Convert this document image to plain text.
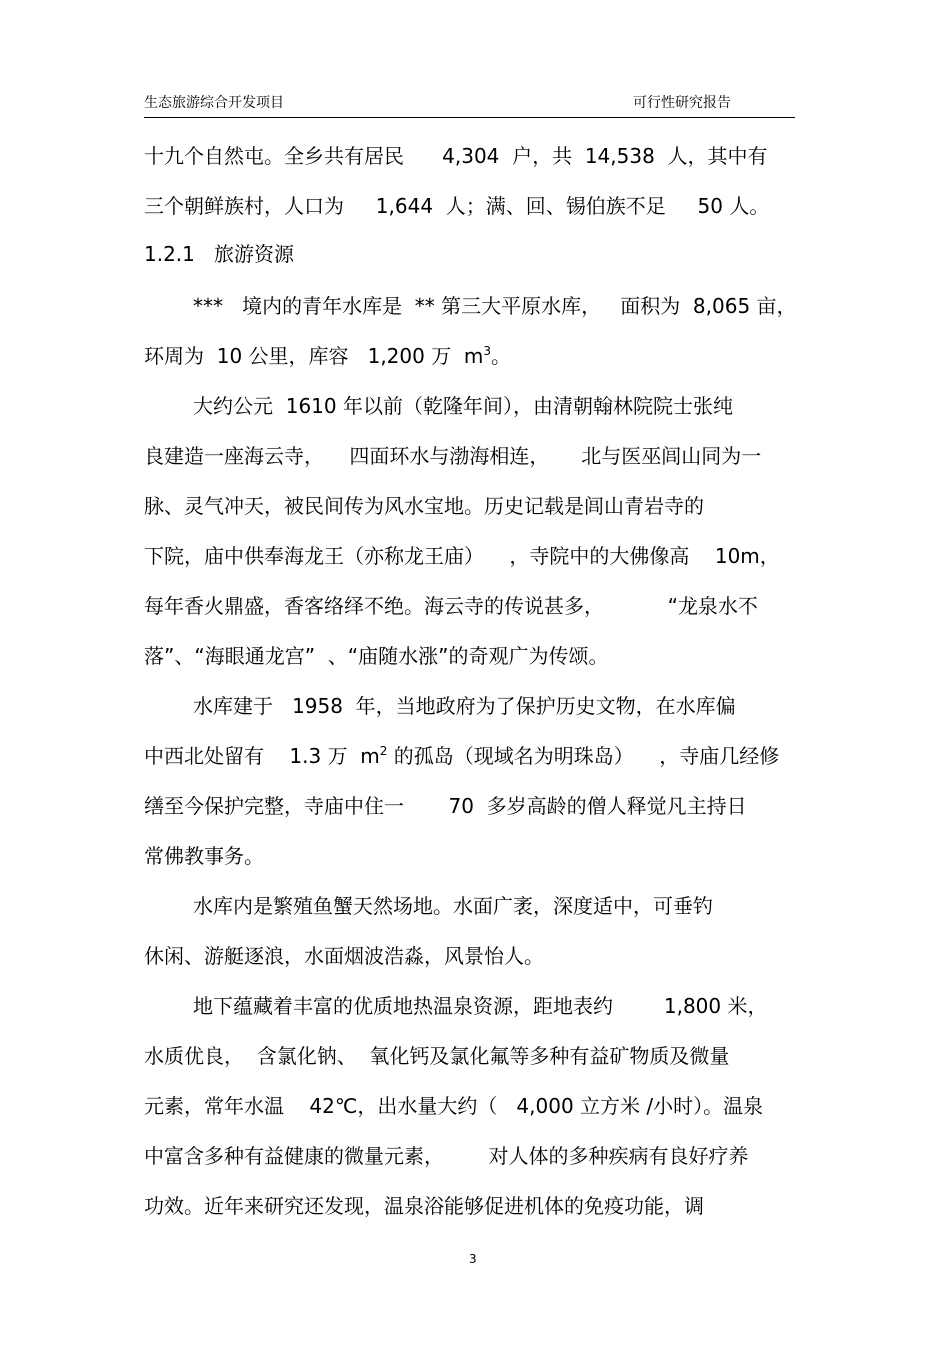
生态旅游综合开发项目	可行性研究报告
十九个自然屯。全乡共有居民      4,304  户，共  14,538  人，其中有
三个朝鲜族村，人口为     1,644  人；满、回、锡伯族不足     50 人。
1.2.1   旅游资源
***   境内的青年水库是  ** 第三大平原水库，   面积为  8,065 亩，
环周为  10 公里，库容   1,200 万  $m^3$。
大约公元  1610 年以前（乾隆年间），由清朝翰林院院士张纯
良建造一座海云寺，    四面环水与渤海相连，     北与医巫闾山同为一
脉、灵气冲天，被民间传为风水宝地。历史记载是闾山青岩寺的
下院，庙中供奉海龙王（亦称龙王庙）    ，寺院中的大佛像高    10m，
每年香火鼎盛，香客络绎不绝。海云寺的传说甚多，          “龙泉水不
落”、“海眼通龙宫”  、“庙随水涨”的奇观广为传颂。
水库建于   1958  年，当地政府为了保护历史文物，在水库偏
中西北处留有    1.3 万  $m^2$ 的孤岛（现域名为明珠岛）    ，寺庙几经修
缮至今保护完整，寺庙中住一       70  多岁高龄的僧人释觉凡主持日
常佛教事务。
水库内是繁殖鱼蟹天然场地。水面广袤，深度适中，可垂钓
休闲、游艇逐浪，水面烟波浩淼，风景怡人。
地下蕴藏着丰富的优质地热温泉资源，距地表约        1,800 米，
水质优良，  含氯化钠、  氧化钙及氯化氟等多种有益矿物质及微量
元素，常年水温    42℃，出水量大约（   4,000 立方米 /小时）。温泉
中富含多种有益健康的微量元素，       对人体的多种疾病有良好疗养
功效。近年来研究还发现，温泉浴能够促进机体的免疫功能，调
3
